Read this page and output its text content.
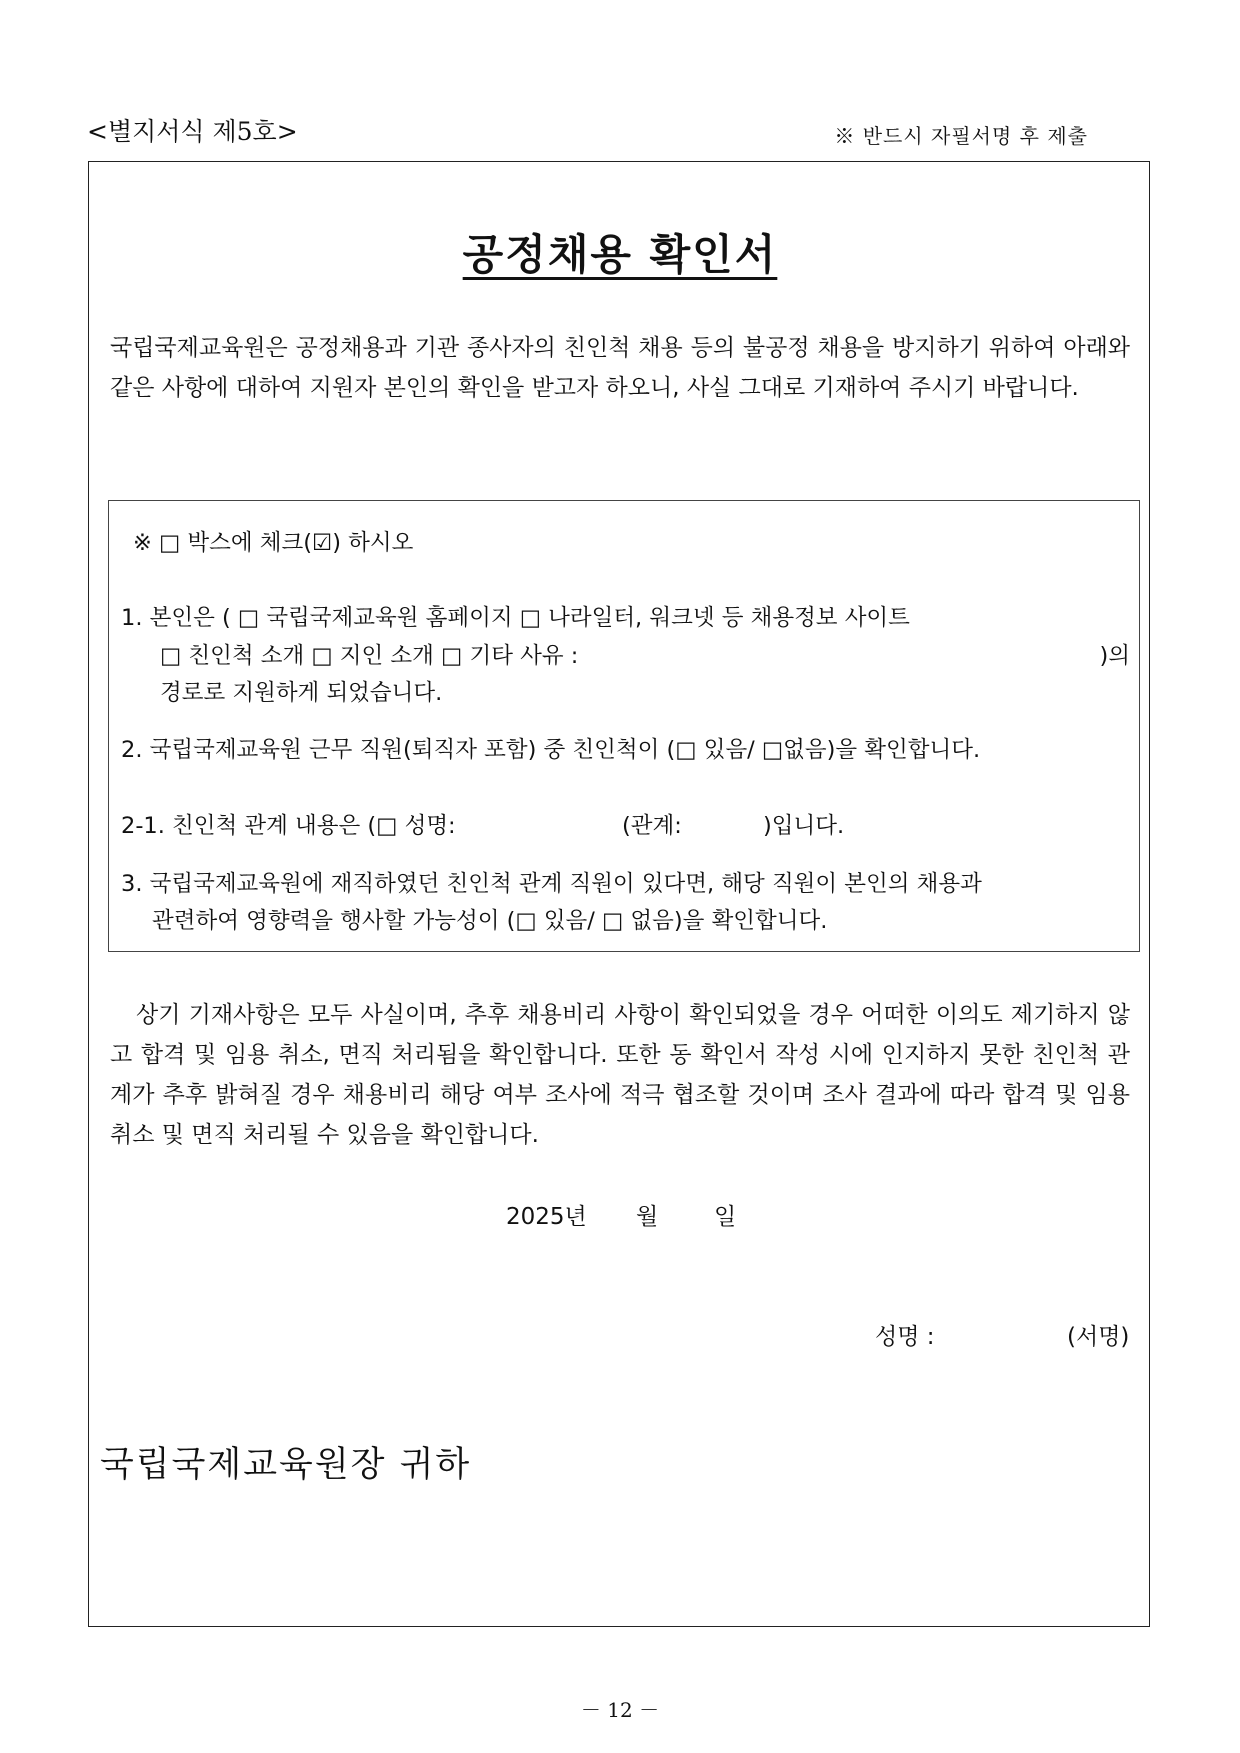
<별지서식 제5호>	※ 반드시 자필서명 후 제출
공정채용 확인서
국립국제교육원은 공정채용과 기관 종사자의 친인척 채용 등의 불공정 채용을 방지하기 위하여 아래와 같은 사항에 대하여 지원자 본인의 확인을 받고자 하오니, 사실 그대로 기재하여 주시기 바랍니다.
※ □ 박스에 체크(☑) 하시오
1. 본인은 ( □ 국립국제교육원 홈페이지 □ 나라일터, 워크넷 등 채용정보 사이트
□ 친인척 소개 □ 지인 소개 □ 기타 사유 :	)의
경로로 지원하게 되었습니다.
2. 국립국제교육원 근무 직원(퇴직자 포함) 중 친인척이 (□ 있음/ □없음)을 확인합니다.
2-1. 친인척 관계 내용은 (□ 성명:	(관계:	)입니다.
3. 국립국제교육원에 재직하였던 친인척 관계 직원이 있다면, 해당 직원이 본인의 채용과
관련하여 영향력을 행사할 가능성이 (□ 있음/ □ 없음)을 확인합니다.
상기 기재사항은 모두 사실이며, 추후 채용비리 사항이 확인되었을 경우 어떠한 이의도 제기하지 않고 합격 및 임용 취소, 면직 처리됨을 확인합니다. 또한 동 확인서 작성 시에 인지하지 못한 친인척 관계가 추후 밝혀질 경우 채용비리 해당 여부 조사에 적극 협조할 것이며 조사 결과에 따라 합격 및 임용 취소 및 면직 처리될 수 있음을 확인합니다.
2025년 월 일
성명 :	(서명)
국립국제교육원장 귀하
－ 12 －
